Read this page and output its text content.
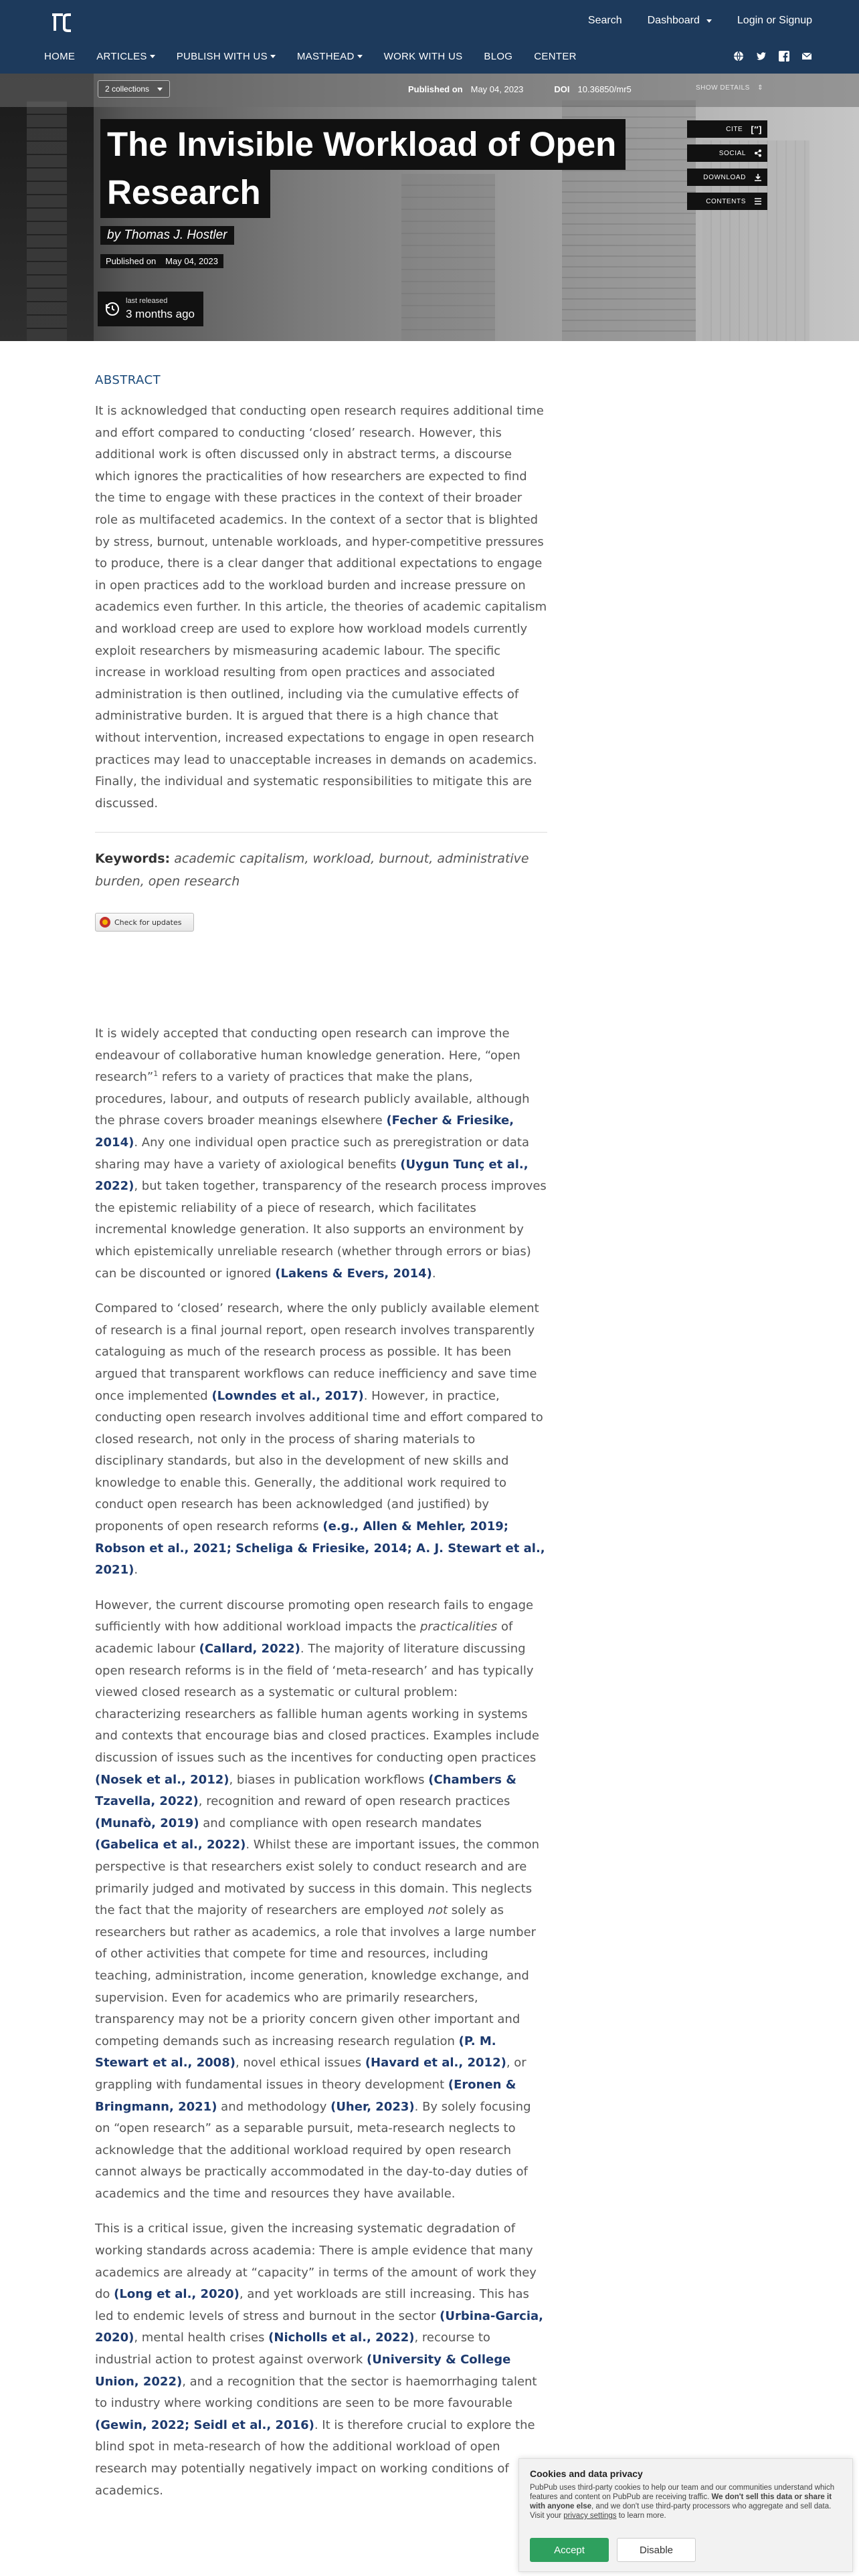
Search Dashboard	Login or Signup
HOME ARTICLES	PUBLISH WITH US	MASTHEAD	WORK WITH US BLOG CENTER
2 collections	Published on May 04, 2023	DOI 10.36850/mr5	SHOW DETAILS ⇕
The Invisible Workload of Open
Research
by Thomas J. Hostler
Published on May 04, 2023
last released
3 months ago
CITE [″]
SOCIAL
DOWNLOAD
CONTENTS
ABSTRACT
It is acknowledged that conducting open research requires additional time and effort compared to conducting ‘closed’ research. However, this additional work is often discussed only in abstract terms, a discourse which ignores the practicalities of how researchers are expected to find the time to engage with these practices in the context of their broader role as multifaceted academics. In the context of a sector that is blighted by stress, burnout, untenable workloads, and hyper-competitive pressures to produce, there is a clear danger that additional expectations to engage in open practices add to the workload burden and increase pressure on academics even further. In this article, the theories of academic capitalism and workload creep are used to explore how workload models currently exploit researchers by mismeasuring academic labour. The specific increase in workload resulting from open practices and associated administration is then outlined, including via the cumulative effects of administrative burden. It is argued that there is a high chance that without intervention, increased expectations to engage in open research practices may lead to unacceptable increases in demands on academics. Finally, the individual and systematic responsibilities to mitigate this are discussed.
Keywords: academic capitalism, workload, burnout, administrative burden, open research
Check for updates

It is widely accepted that conducting open research can improve the endeavour of collaborative human knowledge generation. Here, “open research”$^1$ refers to a variety of practices that make the plans, procedures, labour, and outputs of research publicly available, although the phrase covers broader meanings elsewhere (Fecher & Friesike, 2014). Any one individual open practice such as preregistration or data sharing may have a variety of axiological benefits (Uygun Tunç et al., 2022), but taken together, transparency of the research process improves the epistemic reliability of a piece of research, which facilitates incremental knowledge generation. It also supports an environment by which epistemically unreliable research (whether through errors or bias) can be discounted or ignored (Lakens & Evers, 2014).

Compared to ‘closed’ research, where the only publicly available element of research is a final journal report, open research involves transparently cataloguing as much of the research process as possible. It has been argued that transparent workflows can reduce inefficiency and save time once implemented (Lowndes et al., 2017). However, in practice, conducting open research involves additional time and effort compared to closed research, not only in the process of sharing materials to disciplinary standards, but also in the development of new skills and knowledge to enable this. Generally, the additional work required to conduct open research has been acknowledged (and justified) by proponents of open research reforms (e.g., Allen & Mehler, 2019; Robson et al., 2021; Scheliga & Friesike, 2014; A. J. Stewart et al., 2021).

However, the current discourse promoting open research fails to engage sufficiently with how additional workload impacts the practicalities of academic labour (Callard, 2022). The majority of literature discussing open research reforms is in the field of ‘meta-research’ and has typically viewed closed research as a systematic or cultural problem: characterizing researchers as fallible human agents working in systems and contexts that encourage bias and closed practices. Examples include discussion of issues such as the incentives for conducting open practices (Nosek et al., 2012), biases in publication workflows (Chambers & Tzavella, 2022), recognition and reward of open research practices (Munafò, 2019) and compliance with open research mandates (Gabelica et al., 2022). Whilst these are important issues, the common perspective is that researchers exist solely to conduct research and are primarily judged and motivated by success in this domain. This neglects the fact that the majority of researchers are employed not solely as researchers but rather as academics, a role that involves a large number of other activities that compete for time and resources, including teaching, administration, income generation, knowledge exchange, and supervision. Even for academics who are primarily researchers, transparency may not be a priority concern given other important and competing demands such as increasing research regulation (P. M. Stewart et al., 2008), novel ethical issues (Havard et al., 2012), or grappling with fundamental issues in theory development (Eronen & Bringmann, 2021) and methodology (Uher, 2023). By solely focusing on “open research” as a separable pursuit, meta-research neglects to acknowledge that the additional workload required by open research cannot always be practically accommodated in the day-to-day duties of academics and the time and resources they have available.

This is a critical issue, given the increasing systematic degradation of working standards across academia: There is ample evidence that many academics are already at “capacity” in terms of the amount of work they do (Long et al., 2020), and yet workloads are still increasing. This has led to endemic levels of stress and burnout in the sector (Urbina-Garcia, 2020), mental health crises (Nicholls et al., 2022), recourse to industrial action to protest against overwork (University & College Union, 2022), and a recognition that the sector is haemorrhaging talent to industry where working conditions are seen to be more favourable (Gewin, 2022; Seidl et al., 2016). It is therefore crucial to explore the blind spot in meta-research of how the additional workload of open research may potentially negatively impact on working conditions of academics.

Cookies and data privacy

PubPub uses third-party cookies to help our team and our communities understand which features and content on PubPub are receiving traffic. We don't sell this data or share it with anyone else, and we don't use third-party processors who aggregate and sell data. Visit your privacy settings to learn more.

Accept	Disable
